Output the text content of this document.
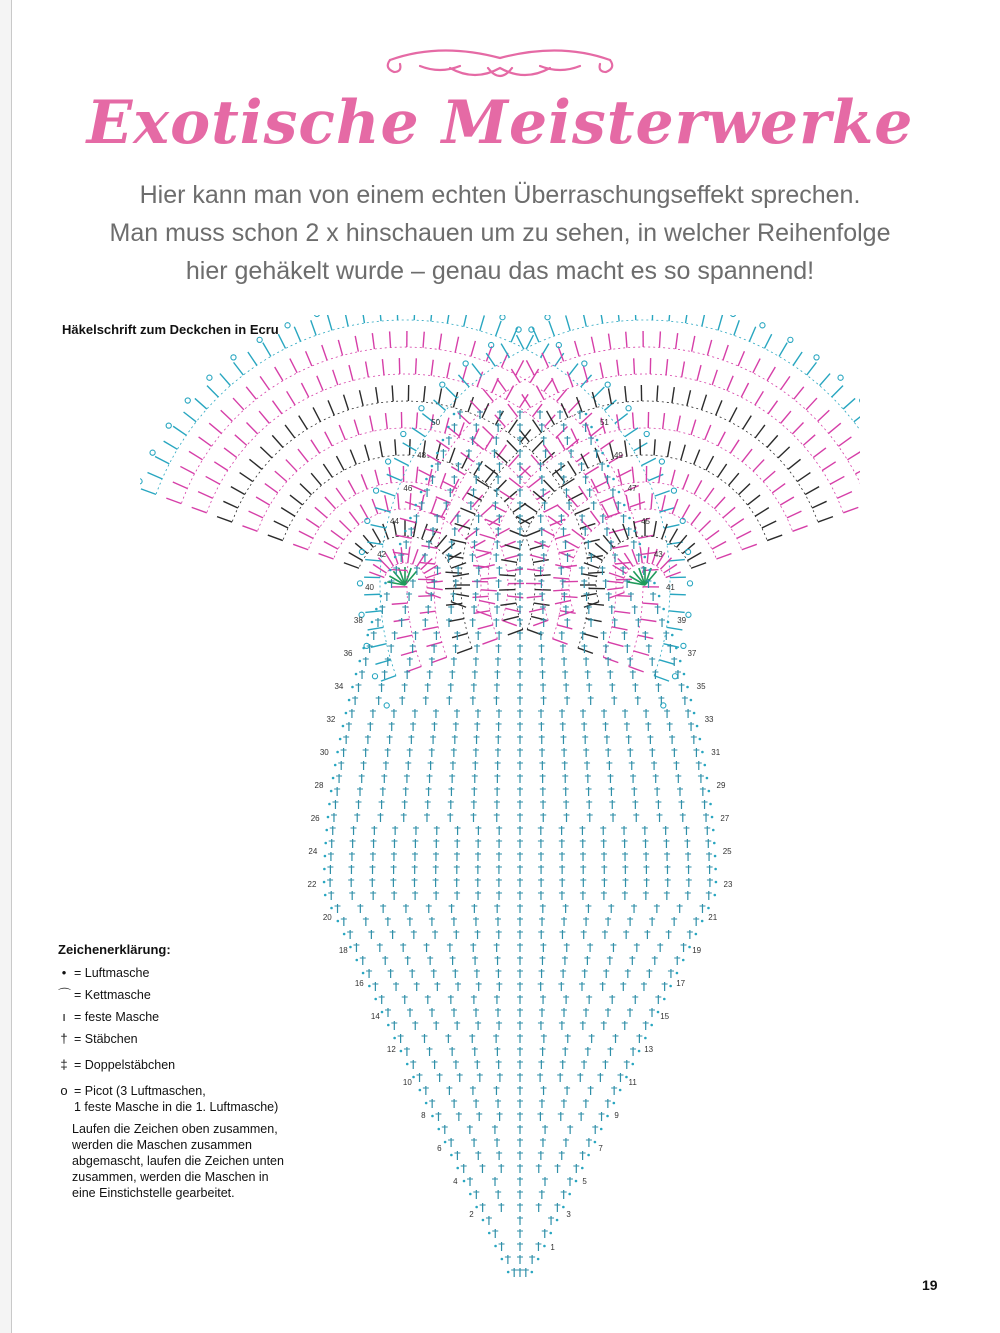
Exotische Meisterwerke

Hier kann man von einem echten Überraschungseffekt sprechen.
Man muss schon 2 x hinschauen um zu sehen, in welcher Reihenfolge
hier gehäkelt wurde – genau das macht es so spannend!

Häkelschrift zum Deckchen in Ecru
50
48
46
44
42
40
38
36
34
32
30
28
26
24
22
20
18
16
14
12
10
8
6
4
2
51
49
47
45
43
41
39
37
35
33
31
29
27
25
23
21
19
17
15
13
11
9
7
5
3
1
Zeichenerklärung:
• = Luftmasche
⌒ = Kettmasche
ı = feste Masche
† = Stäbchen
‡ = Doppelstäbchen
o = Picot (3 Luftmaschen,
1 feste Masche in die 1. Luftmasche)
Laufen die Zeichen oben zusammen,
werden die Maschen zusammen
abgemascht, laufen die Zeichen unten
zusammen, werden die Maschen in
eine Einstichstelle gearbeitet.
19
